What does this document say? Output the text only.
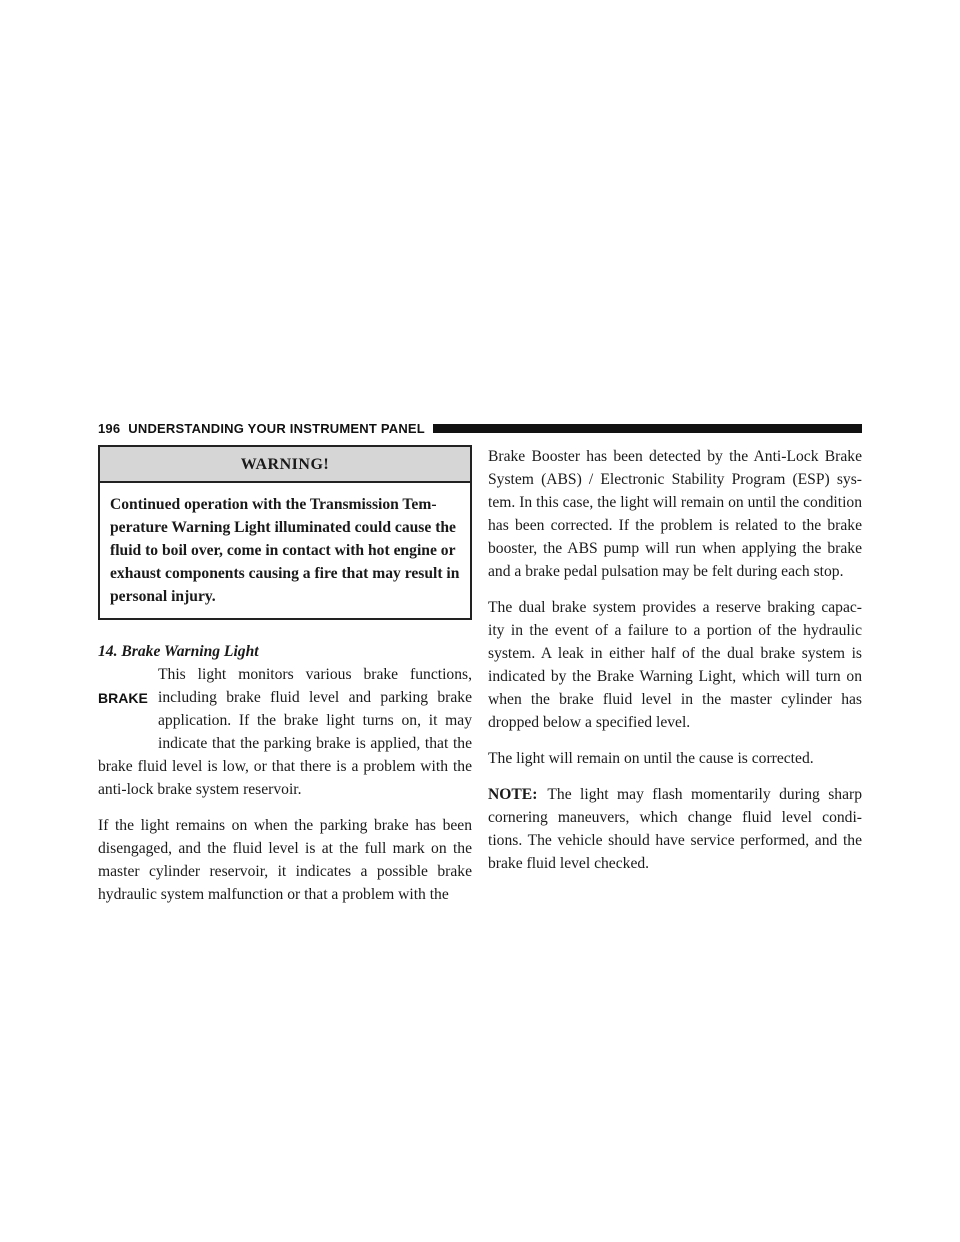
196 UNDERSTANDING YOUR INSTRUMENT PANEL
WARNING!
Continued operation with the Transmission Tem- perature Warning Light illuminated could cause the fluid to boil over, come in contact with hot engine or exhaust components causing a fire that may result in personal injury.

14. Brake Warning Light

BRAKE
This light monitors various brake functions, including brake fluid level and parking brake application. If the brake light turns on, it may indicate that the parking brake is applied, that the brake fluid level is low, or that there is a problem with the anti-lock brake system reservoir.

If the light remains on when the parking brake has been disengaged, and the fluid level is at the full mark on the master cylinder reservoir, it indicates a possible brake hydraulic system malfunction or that a problem with the

Brake Booster has been detected by the Anti-Lock Brake System (ABS) / Electronic Stability Program (ESP) sys- tem. In this case, the light will remain on until the condition has been corrected. If the problem is related to the brake booster, the ABS pump will run when applying the brake and a brake pedal pulsation may be felt during each stop.

The dual brake system provides a reserve braking capac- ity in the event of a failure to a portion of the hydraulic system. A leak in either half of the dual brake system is indicated by the Brake Warning Light, which will turn on when the brake fluid level in the master cylinder has dropped below a specified level.

The light will remain on until the cause is corrected.

NOTE: The light may flash momentarily during sharp cornering maneuvers, which change fluid level condi- tions. The vehicle should have service performed, and the brake fluid level checked.
